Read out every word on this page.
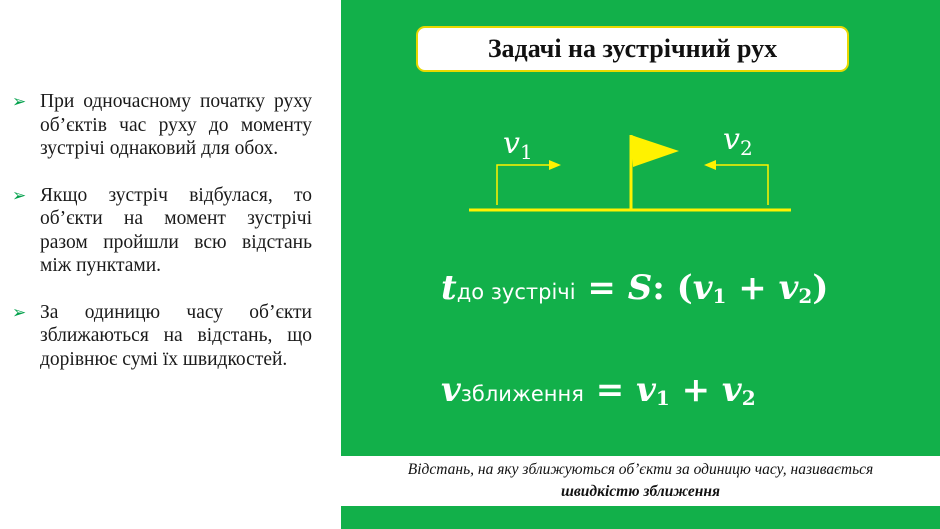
➢ При одночасному початку руху об’єктів час руху до моменту зустрічі однаковий для обох.
➢ Якщо зустріч відбулася, то об’єкти на момент зустрічі разом пройшли всю відстань між пунктами.
➢ За одиницю часу об’єкти зближаються на відстань, що дорівнює сумі їх швидкостей.
Задачі на зустрічний рух
$v_1$	$v_2$
tдо зустрічі = S: (v1 + v2)
vзближення = v1 + v2
Відстань, на яку зближуються об’єкти за одиницю часу, називається
швидкістю зближення
